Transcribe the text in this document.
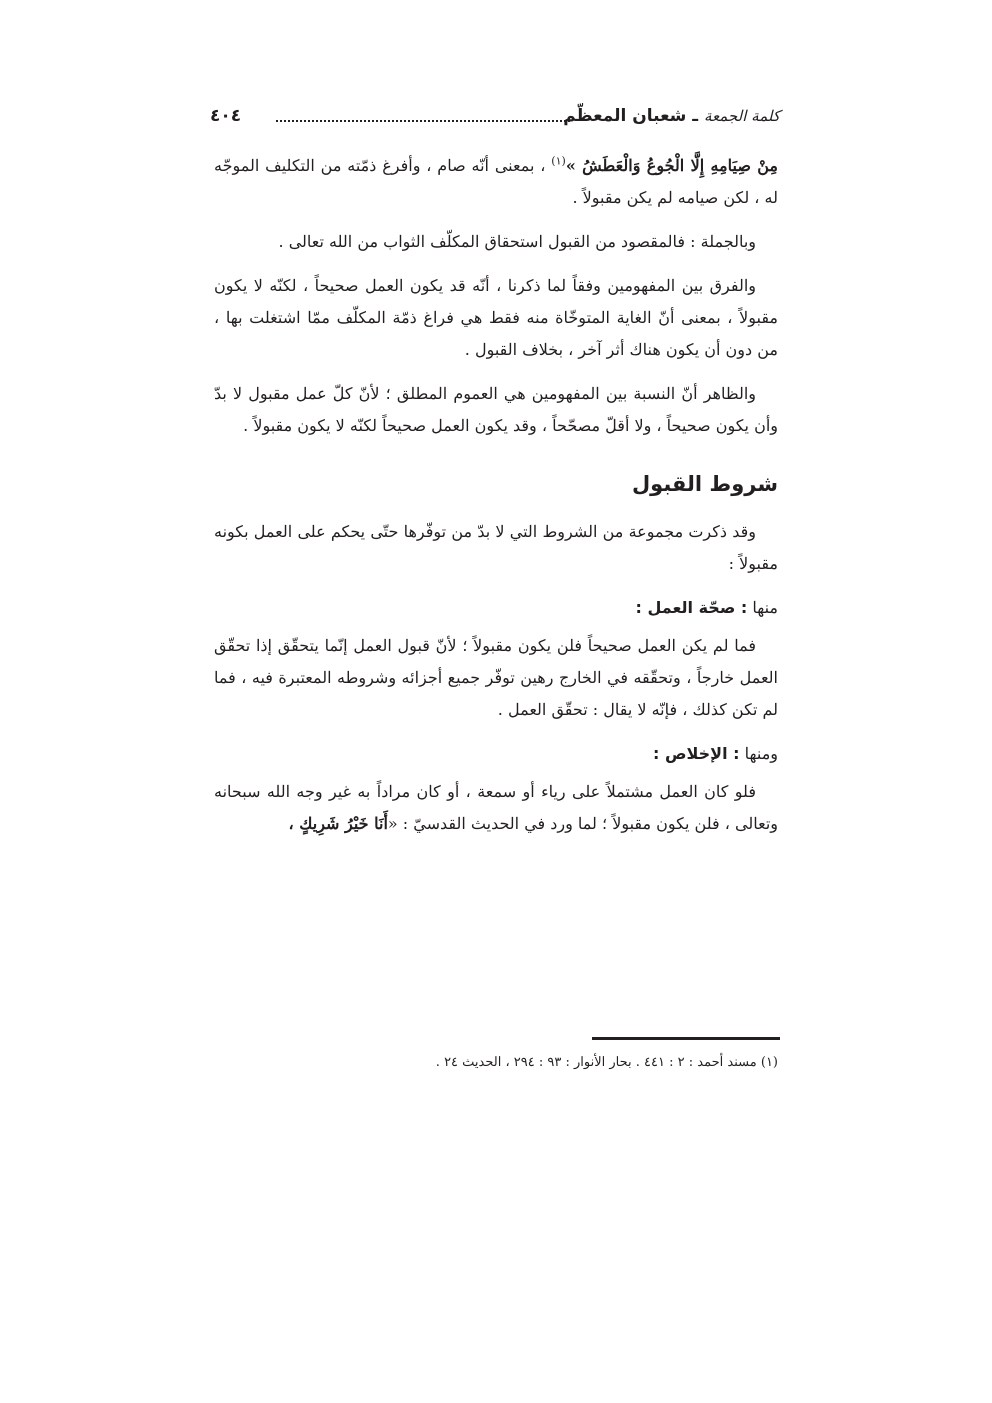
كلمة الجمعة ـ شعبان المعظّم
٤٠٤

مِنْ صِيَامِهِ إِلَّا الْجُوعُ وَالْعَطَشُ »$^{(١)}$ ، بمعنى أنّه صام ، وأفرغ ذمّته من التكليف الموجّه له ، لكن صيامه لم يكن مقبولاً .

وبالجملة : فالمقصود من القبول استحقاق المكلّف الثواب من الله تعالى .

والفرق بين المفهومين وفقاً لما ذكرنا ، أنّه قد يكون العمل صحيحاً ، لكنّه لا يكون مقبولاً ، بمعنى أنّ الغاية المتوخّاة منه فقط هي فراغ ذمّة المكلّف ممّا اشتغلت بها ، من دون أن يكون هناك أثر آخر ، بخلاف القبول .

والظاهر أنّ النسبة بين المفهومين هي العموم المطلق ؛ لأنّ كلّ عمل مقبول لا بدّ وأن يكون صحيحاً ، ولا أقلّ مصحّحاً ، وقد يكون العمل صحيحاً لكنّه لا يكون مقبولاً .

شروط القبول

وقد ذكرت مجموعة من الشروط التي لا بدّ من توفّرها حتّى يحكم على العمل بكونه مقبولاً :

منها : صحّة العمل :

فما لم يكن العمل صحيحاً فلن يكون مقبولاً ؛ لأنّ قبول العمل إنّما يتحقّق إذا تحقّق العمل خارجاً ، وتحقّقه في الخارج رهين توفّر جميع أجزائه وشروطه المعتبرة فيه ، فما لم تكن كذلك ، فإنّه لا يقال : تحقّق العمل .

ومنها : الإخلاص :

فلو كان العمل مشتملاً على رياء أو سمعة ، أو كان مراداً به غير وجه الله سبحانه وتعالى ، فلن يكون مقبولاً ؛ لما ورد في الحديث القدسيّ : «أَنَا خَيْرُ شَرِيكٍ ،

(١) مسند أحمد : ٢ : ٤٤١ . بحار الأنوار : ٩٣ : ٢٩٤ ، الحديث ٢٤ .
